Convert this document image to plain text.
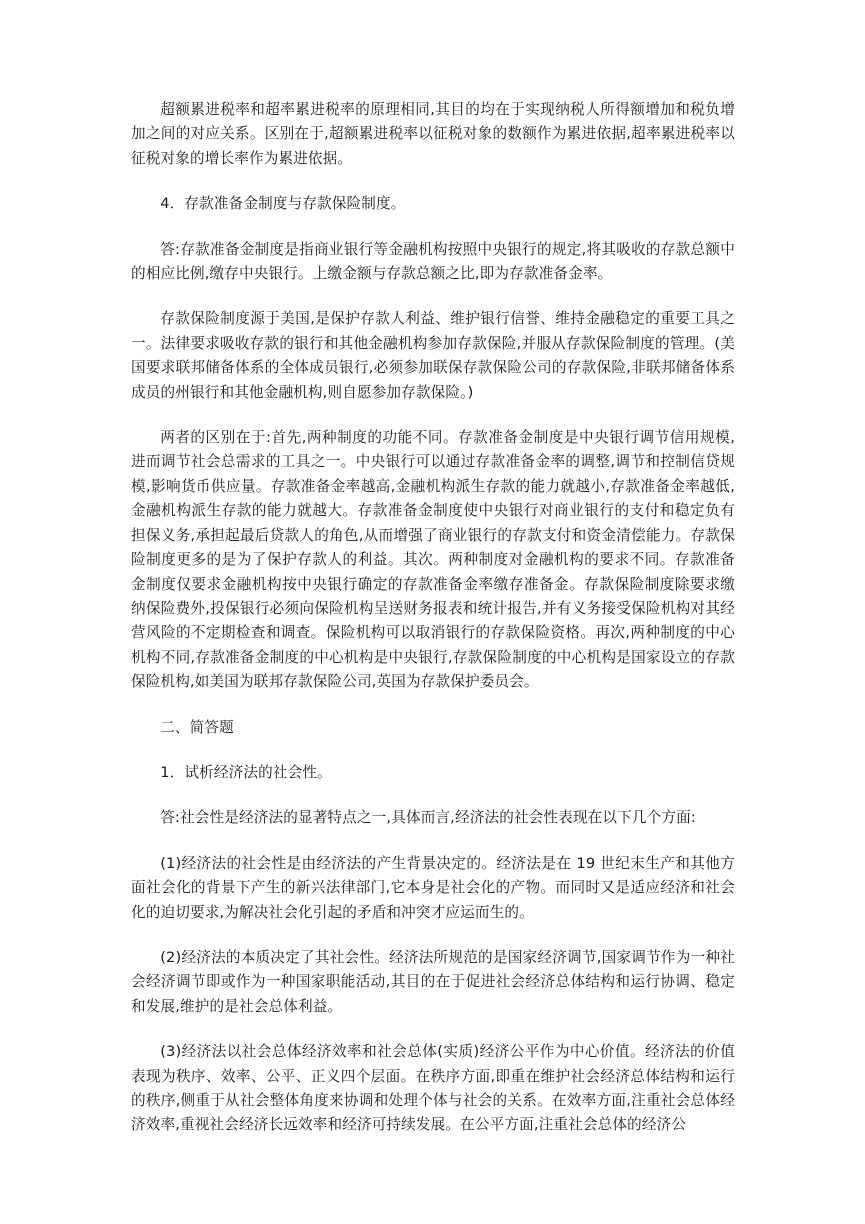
超额累进税率和超率累进税率的原理相同,其目的均在于实现纳税人所得额增加和税负增加之间的对应关系。区别在于,超额累进税率以征税对象的数额作为累进依据,超率累进税率以征税对象的增长率作为累进依据。

4．存款准备金制度与存款保险制度。

答:存款准备金制度是指商业银行等金融机构按照中央银行的规定,将其吸收的存款总额中的相应比例,缴存中央银行。上缴金额与存款总额之比,即为存款准备金率。

存款保险制度源于美国,是保护存款人利益、维护银行信誉、维持金融稳定的重要工具之一。法律要求吸收存款的银行和其他金融机构参加存款保险,并服从存款保险制度的管理。(美国要求联邦储备体系的全体成员银行,必须参加联保存款保险公司的存款保险,非联邦储备体系成员的州银行和其他金融机构,则自愿参加存款保险。)

两者的区别在于:首先,两种制度的功能不同。存款准备金制度是中央银行调节信用规模,进而调节社会总需求的工具之一。中央银行可以通过存款准备金率的调整,调节和控制信贷规模,影响货币供应量。存款准备金率越高,金融机构派生存款的能力就越小,存款准备金率越低,金融机构派生存款的能力就越大。存款准备金制度使中央银行对商业银行的支付和稳定负有担保义务,承担起最后贷款人的角色,从而增强了商业银行的存款支付和资金清偿能力。存款保险制度更多的是为了保护存款人的利益。其次。两种制度对金融机构的要求不同。存款准备金制度仅要求金融机构按中央银行确定的存款准备金率缴存准备金。存款保险制度除要求缴纳保险费外,投保银行必须向保险机构呈送财务报表和统计报告,并有义务接受保险机构对其经营风险的不定期检查和调查。保险机构可以取消银行的存款保险资格。再次,两种制度的中心机构不同,存款准备金制度的中心机构是中央银行,存款保险制度的中心机构是国家设立的存款保险机构,如美国为联邦存款保险公司,英国为存款保护委员会。

二、简答题

1．试析经济法的社会性。

答:社会性是经济法的显著特点之一,具体而言,经济法的社会性表现在以下几个方面:

(1)经济法的社会性是由经济法的产生背景决定的。经济法是在 19 世纪末生产和其他方面社会化的背景下产生的新兴法律部门,它本身是社会化的产物。而同时又是适应经济和社会化的迫切要求,为解决社会化引起的矛盾和冲突才应运而生的。

(2)经济法的本质决定了其社会性。经济法所规范的是国家经济调节,国家调节作为一种社会经济调节即或作为一种国家职能活动,其目的在于促进社会经济总体结构和运行协调、稳定和发展,维护的是社会总体利益。

(3)经济法以社会总体经济效率和社会总体(实质)经济公平作为中心价值。经济法的价值表现为秩序、效率、公平、正义四个层面。在秩序方面,即重在维护社会经济总体结构和运行的秩序,侧重于从社会整体角度来协调和处理个体与社会的关系。在效率方面,注重社会总体经济效率,重视社会经济长远效率和经济可持续发展。在公平方面,注重社会总体的经济公
